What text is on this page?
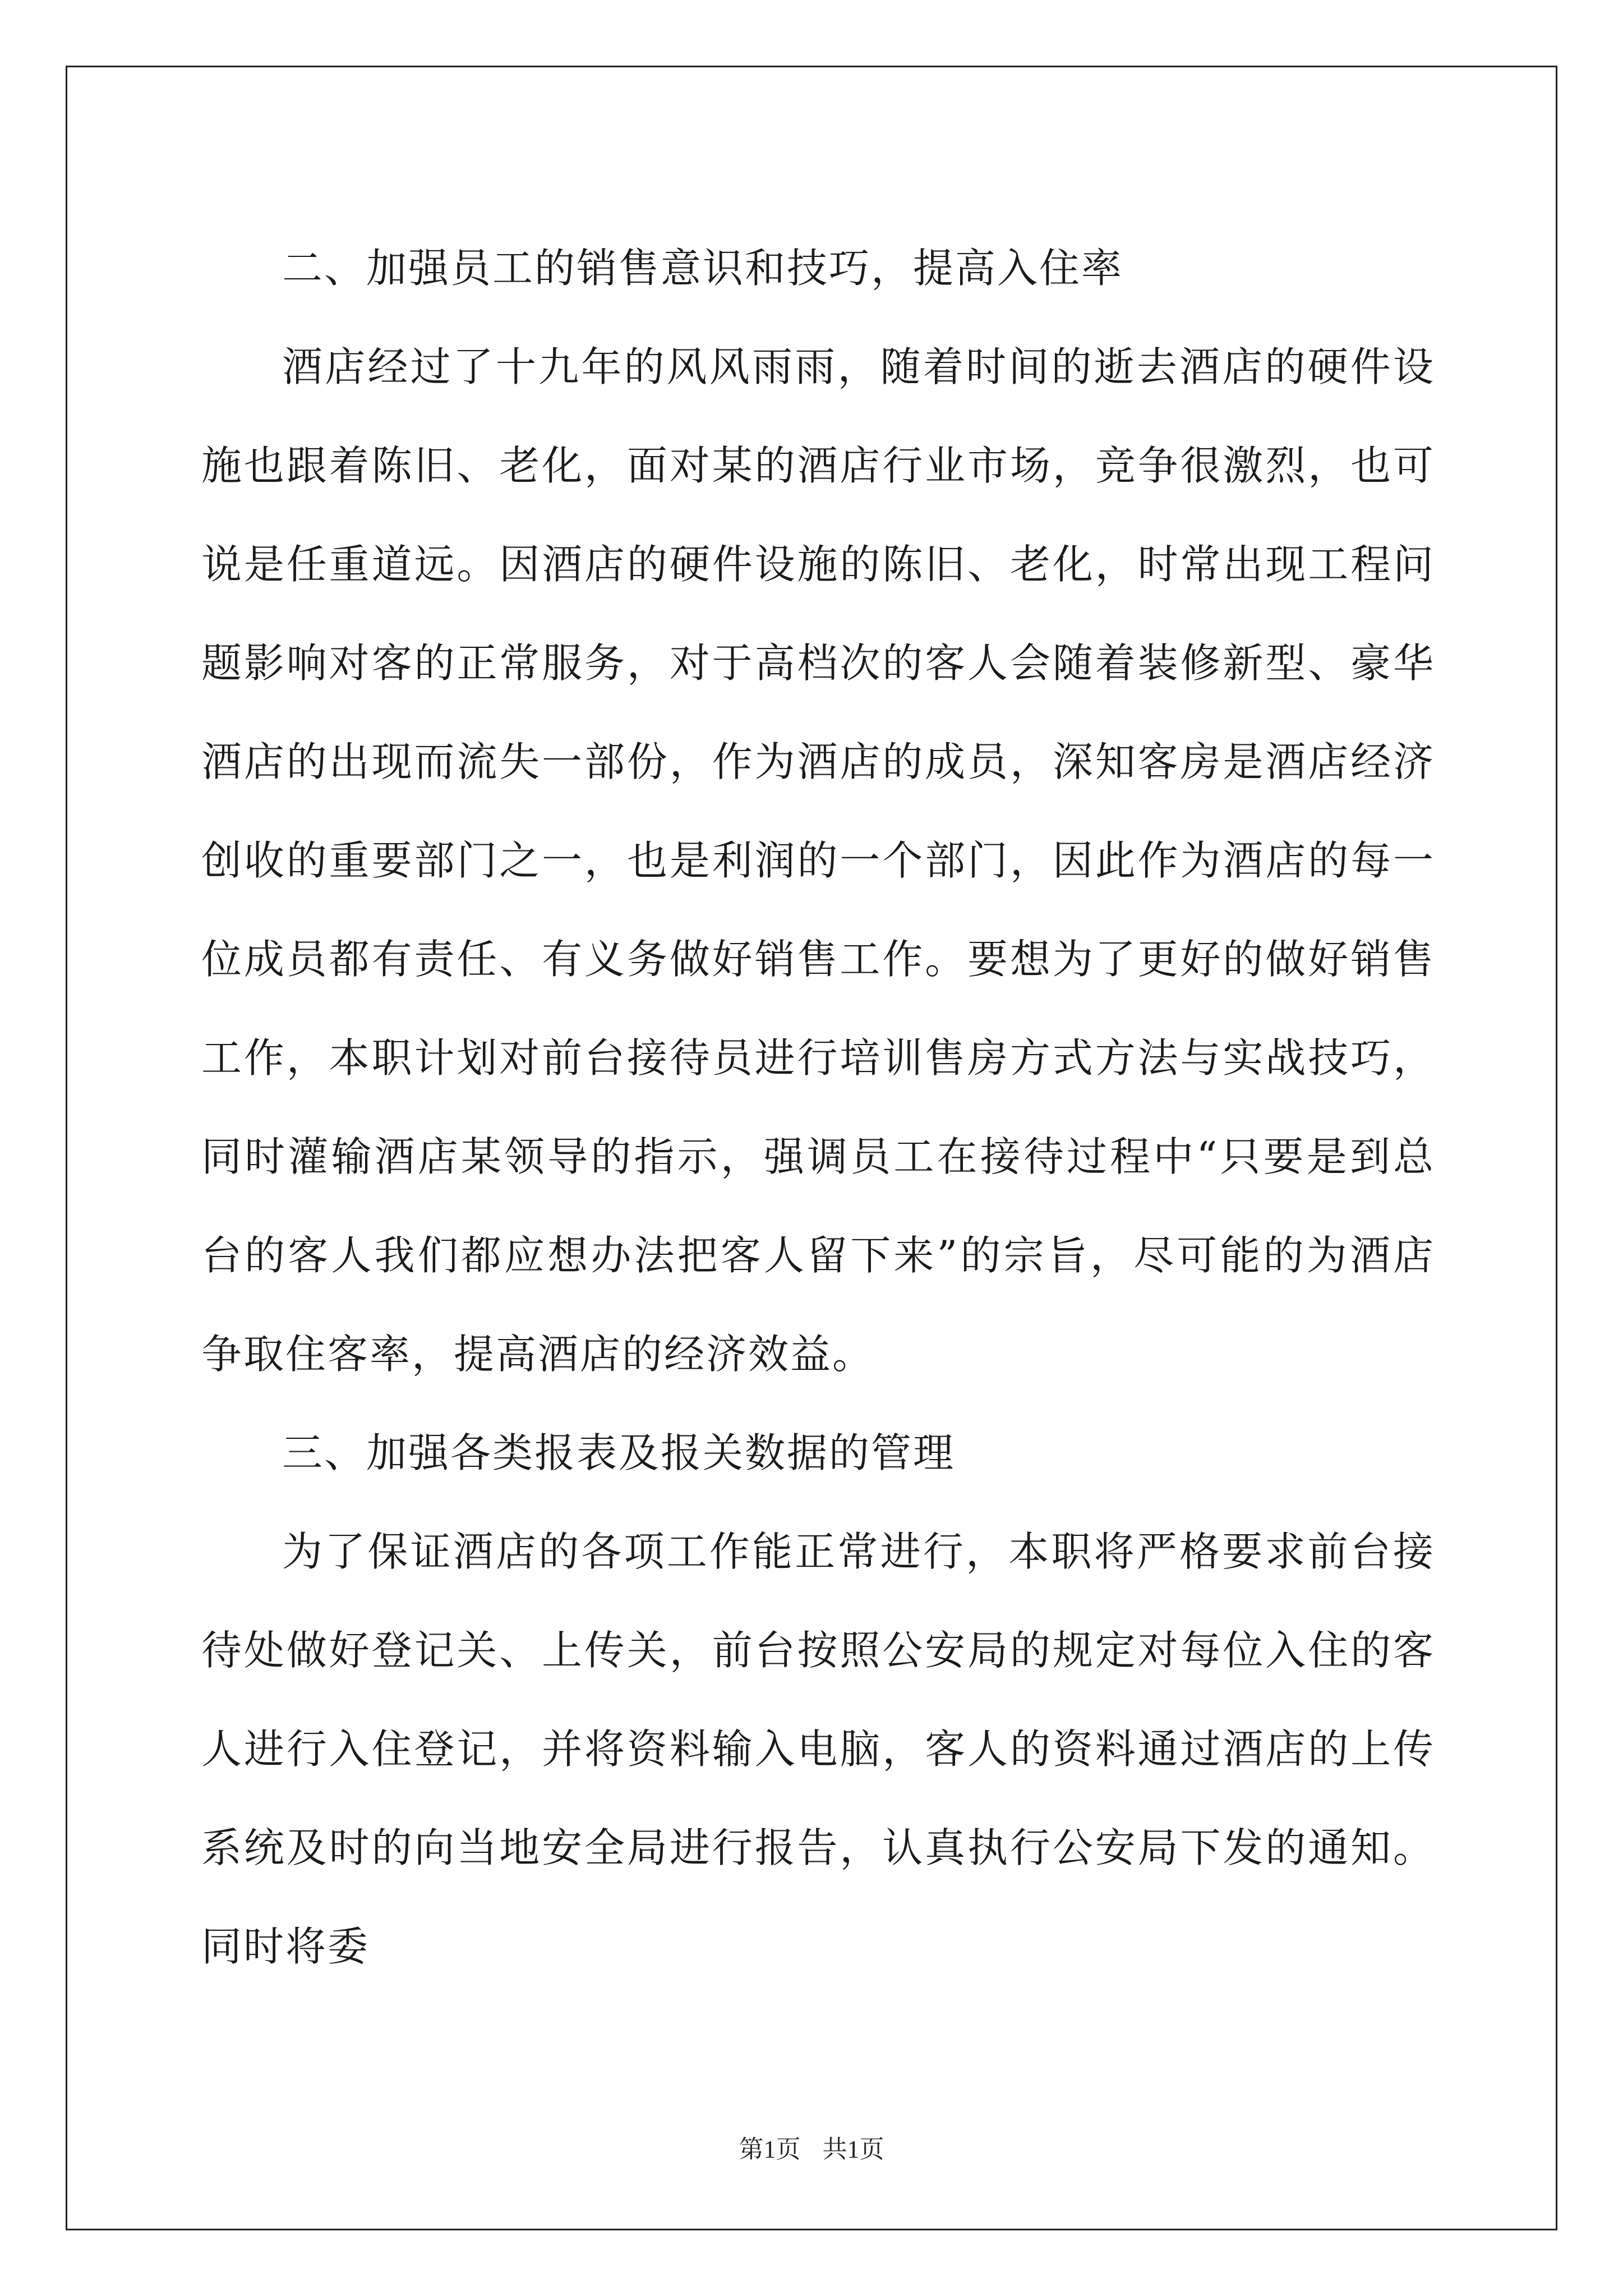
二、加强员工的销售意识和技巧，提高入住率

酒店经过了十九年的风风雨雨，随着时间的逝去酒店的硬件设施也跟着陈旧、老化，面对某的酒店行业市场，竞争很激烈，也可说是任重道远。因酒店的硬件设施的陈旧、老化，时常出现工程问题影响对客的正常服务，对于高档次的客人会随着装修新型、豪华酒店的出现而流失一部份，作为酒店的成员，深知客房是酒店经济创收的重要部门之一，也是利润的一个部门，因此作为酒店的每一位成员都有责任、有义务做好销售工作。要想为了更好的做好销售工作，本职计划对前台接待员进行培训售房方式方法与实战技巧，同时灌输酒店某领导的指示，强调员工在接待过程中“只要是到总台的客人我们都应想办法把客人留下来”的宗旨，尽可能的为酒店争取住客率，提高酒店的经济效益。

三、加强各类报表及报关数据的管理

为了保证酒店的各项工作能正常进行，本职将严格要求前台接待处做好登记关、上传关，前台按照公安局的规定对每位入住的客人进行入住登记，并将资料输入电脑，客人的资料通过酒店的上传系统及时的向当地安全局进行报告，认真执行公安局下发的通知。同时将委

第1页 共1页
